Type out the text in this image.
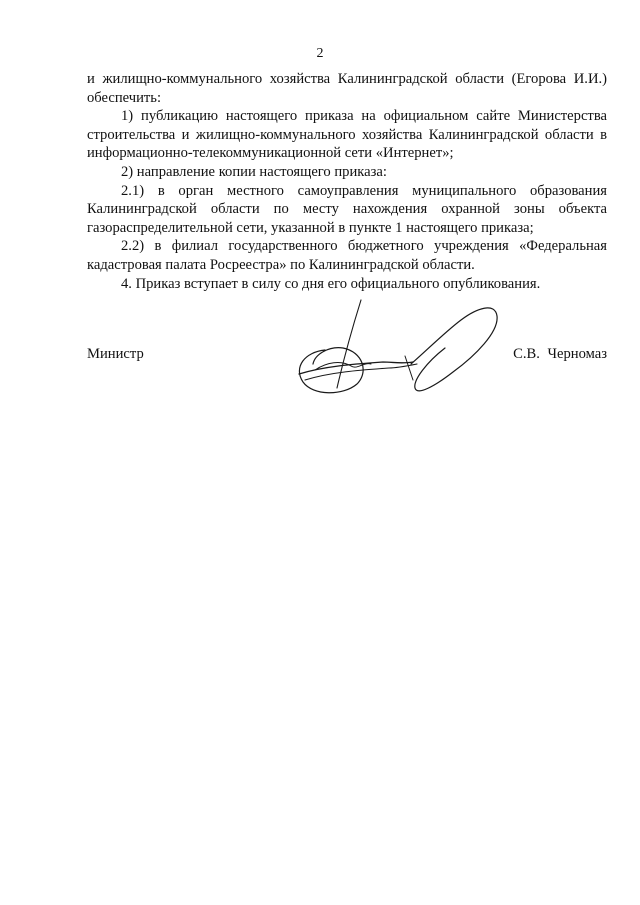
2

и жилищно-коммунального хозяйства Калининградской области (Егорова И.И.) обеспечить:

1) публикацию настоящего приказа на официальном сайте Министерства строительства и жилищно-коммунального хозяйства Калининградской области в информационно-телекоммуникационной сети «Интернет»;

2) направление копии настоящего приказа:

2.1) в орган местного самоуправления муниципального образования Калининградской области по месту нахождения охранной зоны объекта газораспределительной сети, указанной в пункте 1 настоящего приказа;

2.2) в филиал государственного бюджетного учреждения «Федеральная кадастровая палата Росреестра» по Калининградской области.

4. Приказ вступает в силу со дня его официального опубликования.

Министр	С.В. Черномаз
